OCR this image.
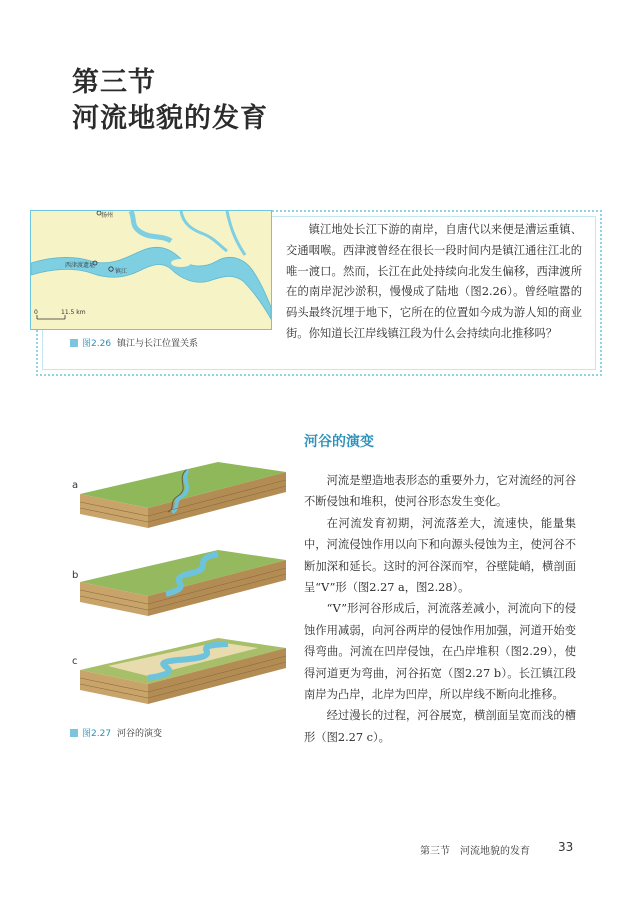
第三节
河流地貌的发育
扬州
西津渡遗址
镇江
0	11.5 km
图2.26 镇江与长江位置关系

镇江地处长江下游的南岸，自唐代以来便是漕运重镇、交通咽喉。西津渡曾经在很长一段时间内是镇江通往江北的唯一渡口。然而，长江在此处持续向北发生偏移，西津渡所在的南岸泥沙淤积，慢慢成了陆地（图2.26）。曾经喧嚣的码头最终沉埋于地下，它所在的位置如今成为游人知的商业街。你知道长江岸线镇江段为什么会持续向北推移吗？

河谷的演变
a
b
c
图2.27 河谷的演变

河流是塑造地表形态的重要外力，它对流经的河谷不断侵蚀和堆积，使河谷形态发生变化。

在河流发育初期，河流落差大，流速快，能量集中，河流侵蚀作用以向下和向源头侵蚀为主，使河谷不断加深和延长。这时的河谷深而窄，谷壁陡峭，横剖面呈“V”形（图2.27 a，图2.28）。

“V”形河谷形成后，河流落差减小，河流向下的侵蚀作用减弱，向河谷两岸的侵蚀作用加强，河道开始变得弯曲。河流在凹岸侵蚀，在凸岸堆积（图2.29），使得河道更为弯曲，河谷拓宽（图2.27 b）。长江镇江段南岸为凸岸，北岸为凹岸，所以岸线不断向北推移。

经过漫长的过程，河谷展宽，横剖面呈宽而浅的槽形（图2.27 c）。

第三节　河流地貌的发育 33
